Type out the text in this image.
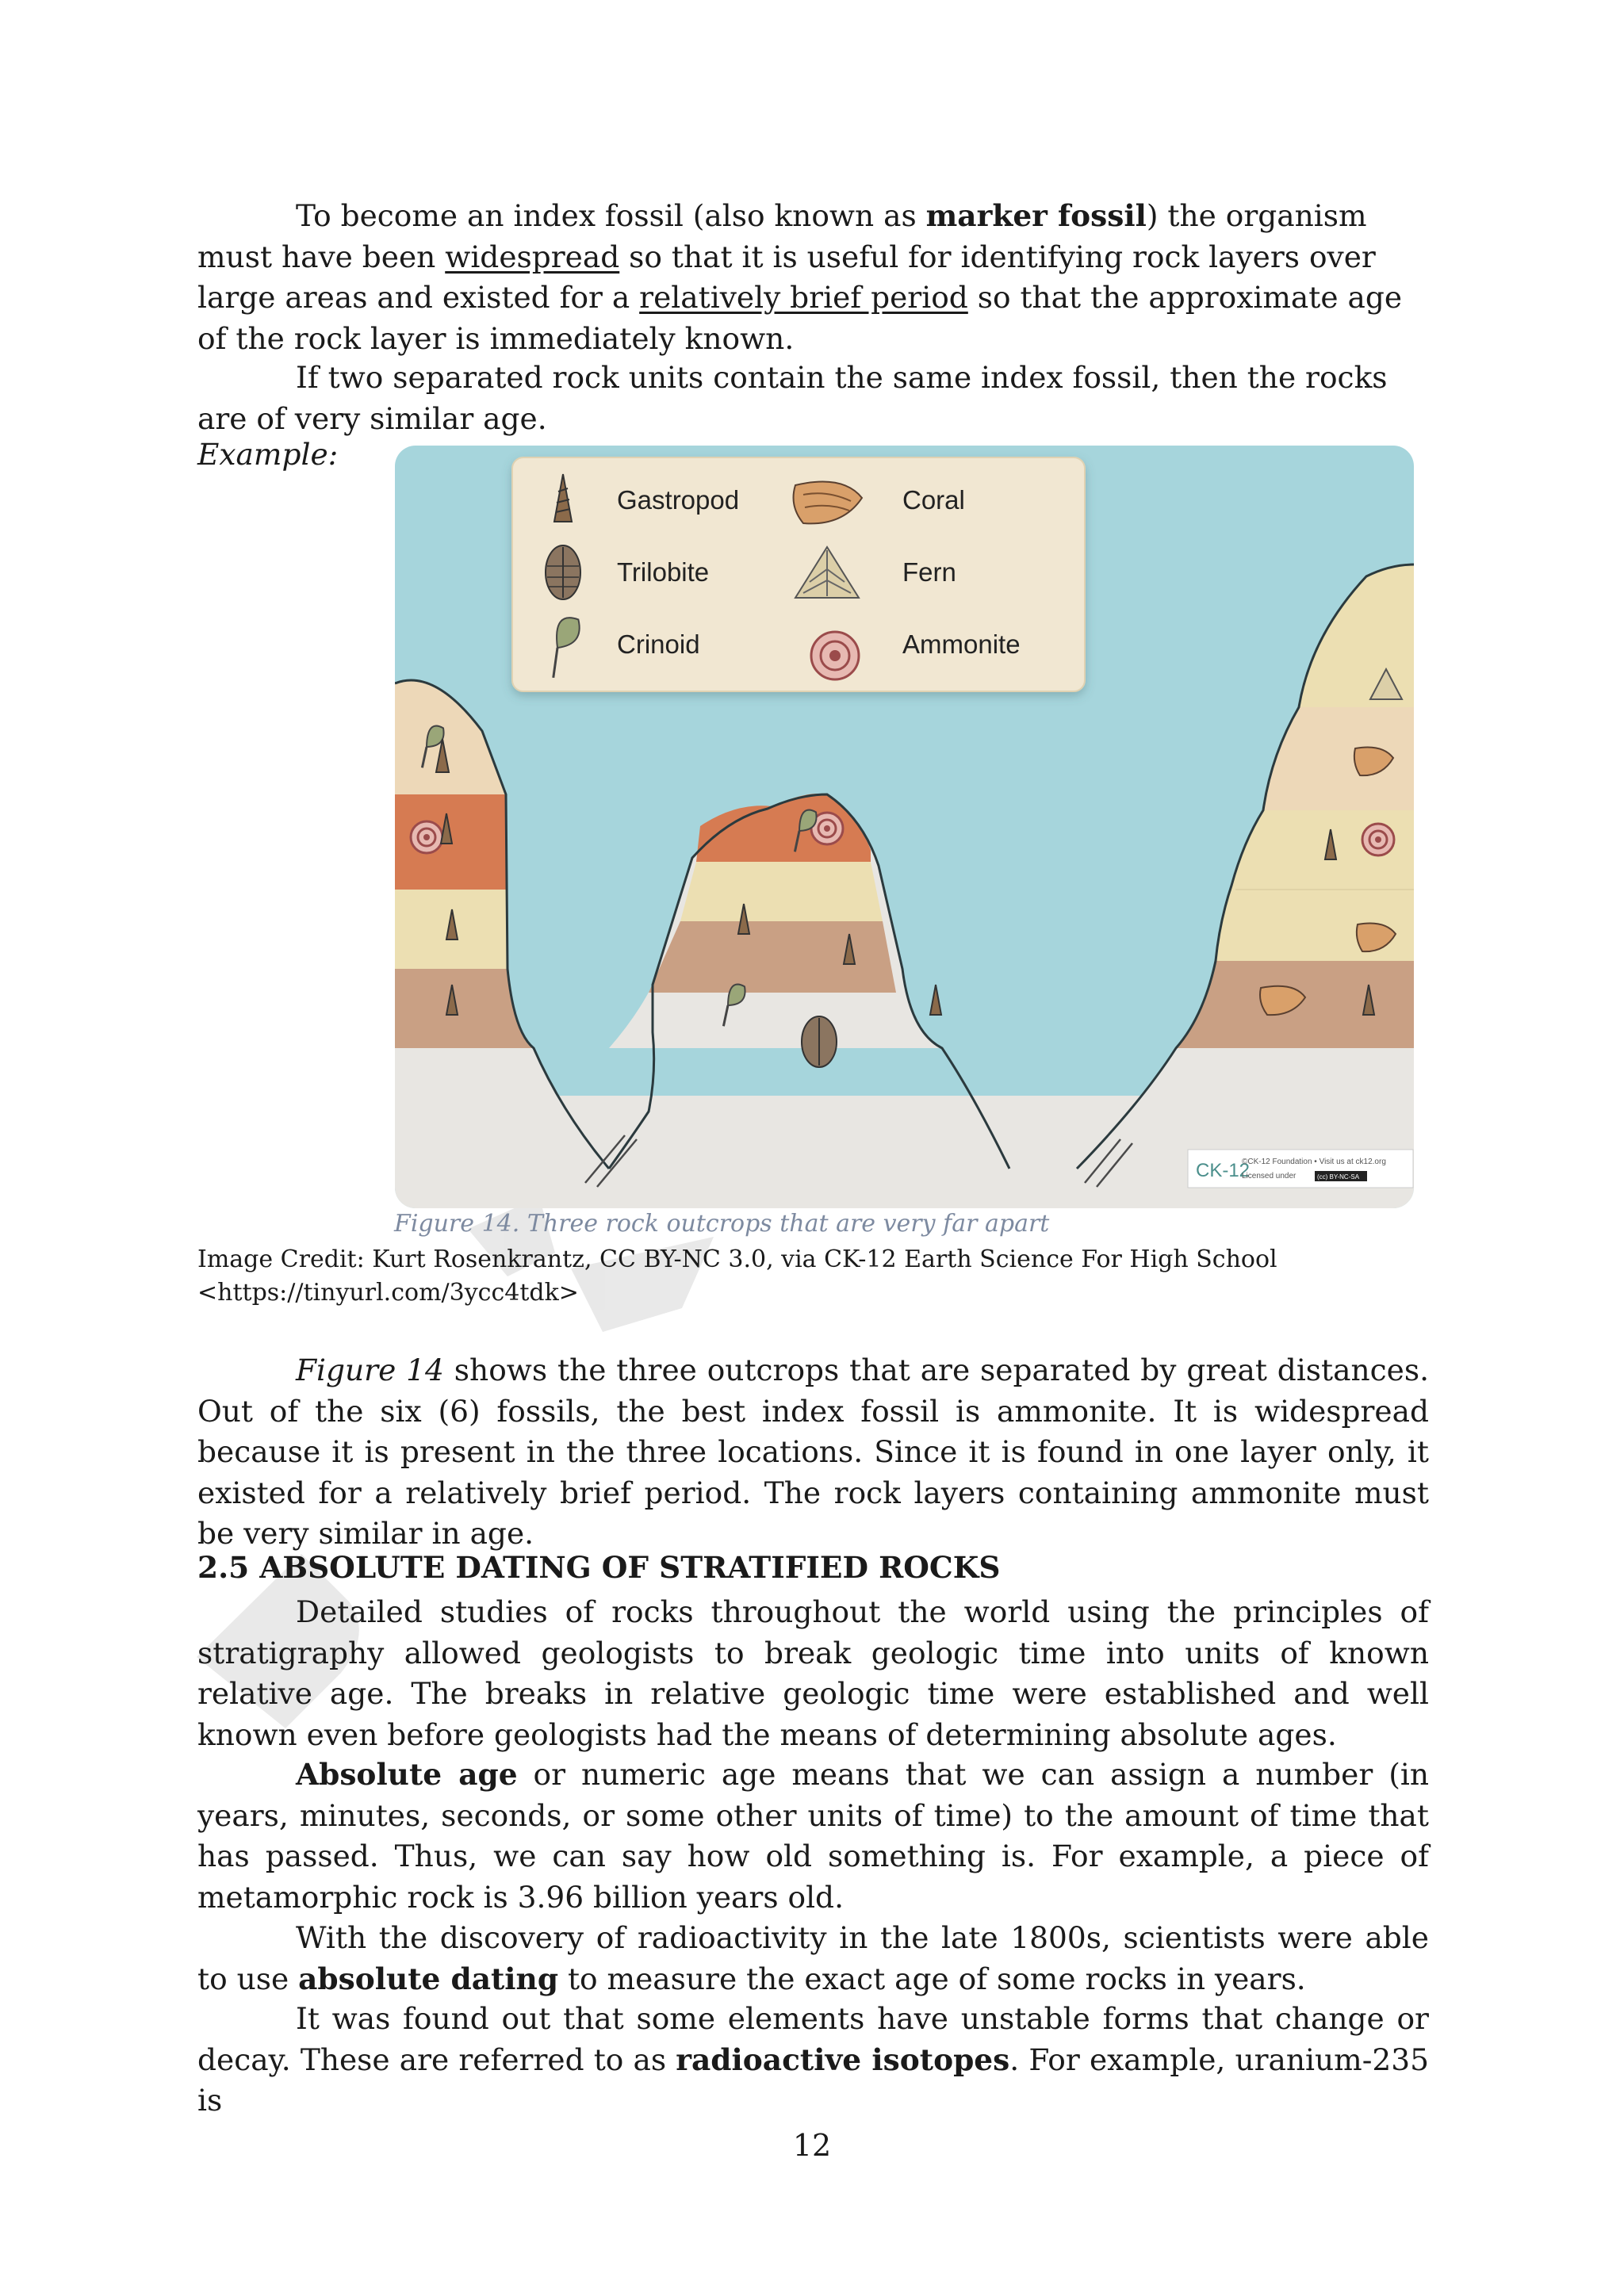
To become an index fossil (also known as marker fossil) the organism must have been widespread so that it is useful for identifying rock layers over large areas and existed for a relatively brief period so that the approximate age of the rock layer is immediately known.
If two separated rock units contain the same index fossil, then the rocks are of very similar age.
Example:
Gastropod	Coral
Trilobite	Fern
Crinoid	Ammonite
CK-12
©CK-12 Foundation • Visit us at ck12.org
Licensed under	(cc) BY-NC-SA
Figure 14. Three rock outcrops that are very far apart
Image Credit: Kurt Rosenkrantz, CC BY-NC 3.0, via CK-12 Earth Science For High School
<https://tinyurl.com/3ycc4tdk>
Figure 14 shows the three outcrops that are separated by great distances. Out of the six (6) fossils, the best index fossil is ammonite. It is widespread because it is present in the three locations. Since it is found in one layer only, it existed for a relatively brief period. The rock layers containing ammonite must be very similar in age.
2.5 ABSOLUTE DATING OF STRATIFIED ROCKS
Detailed studies of rocks throughout the world using the principles of stratigraphy allowed geologists to break geologic time into units of known relative age. The breaks in relative geologic time were established and well known even before geologists had the means of determining absolute ages.
Absolute age or numeric age means that we can assign a number (in years, minutes, seconds, or some other units of time) to the amount of time that has passed. Thus, we can say how old something is. For example, a piece of metamorphic rock is 3.96 billion years old.
With the discovery of radioactivity in the late 1800s, scientists were able to use absolute dating to measure the exact age of some rocks in years.
It was found out that some elements have unstable forms that change or decay. These are referred to as radioactive isotopes. For example, uranium-235 is
12
